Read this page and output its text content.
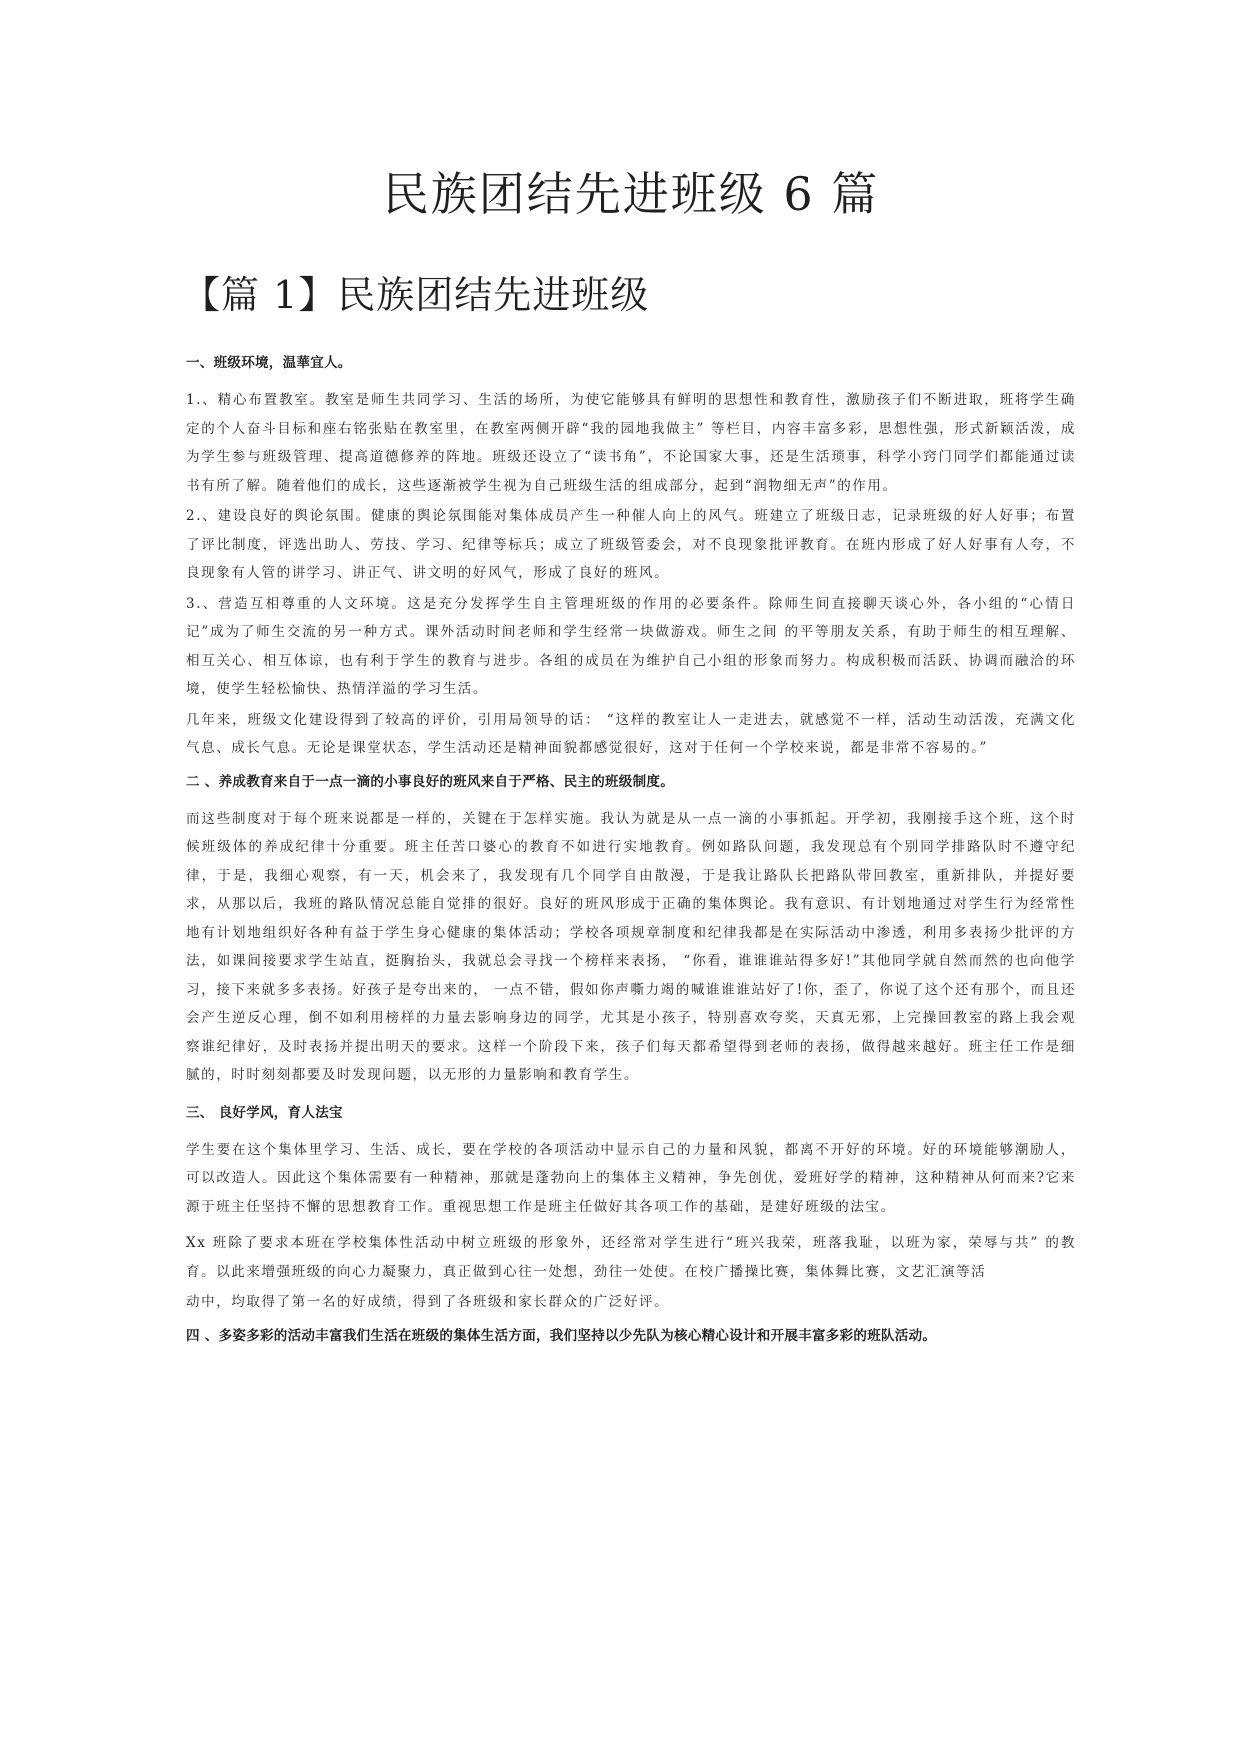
民族团结先进班级 6 篇
【篇 1】民族团结先进班级

一、班级环境，温華宜人。

1.、精心布置教室。教室是师生共同学习、生活的场所，为使它能够具有鲜明的思想性和教育性，激励孩子们不断进取，班将学生确定的个人奋斗目标和座右铭张贴在教室里，在教室两侧开辟“我的园地我做主” 等栏目，内容丰富多彩，思想性强，形式新颖活泼，成为学生参与班级管理、提高道德修养的阵地。班级还设立了“读书角”，不论国家大事，还是生活琐事，科学小窍门同学们都能通过读书有所了解。随着他们的成长，这些逐渐被学生视为自己班级生活的组成部分，起到“润物细无声”的作用。

2.、建设良好的舆论氛围。健康的舆论氛围能对集体成员产生一种催人向上的风气。班建立了班级日志，记录班级的好人好事；布置了评比制度，评选出助人、劳技、学习、纪律等标兵；成立了班级管委会，对不良现象批评教育。在班内形成了好人好事有人夸，不良现象有人管的讲学习、讲正气、讲文明的好风气，形成了良好的班风。

3.、营造互相尊重的人文环境。这是充分发挥学生自主管理班级的作用的必要条件。除师生间直接聊天谈心外，各小组的“心情日记”成为了师生交流的另一种方式。课外活动时间老师和学生经常一块做游戏。师生之间 的平等朋友关系，有助于师生的相互理解、相互关心、相互体谅，也有利于学生的教育与进步。各组的成员在为维护自己小组的形象而努力。构成积极而活跃、协调而融洽的环境，使学生轻松愉快、热情洋溢的学习生活。

几年来，班级文化建设得到了较高的评价，引用局领导的话： “这样的教室让人一走进去，就感觉不一样，活动生动活泼，充满文化气息、成长气息。无论是课堂状态，学生活动还是精神面貌都感觉很好，这对于任何一个学校来说，都是非常不容易的。”

二 、养成教育来自于一点一滴的小事良好的班风来自于严格、民主的班级制度。

而这些制度对于每个班来说都是一样的，关键在于怎样实施。我认为就是从一点一滴的小事抓起。开学初，我刚接手这个班，这个时候班级体的养成纪律十分重要。班主任苦口婆心的教育不如进行实地教育。例如路队问题，我发现总有个别同学排路队时不遵守纪律，于是，我细心观察，有一天，机会来了，我发现有几个同学自由散漫，于是我让路队长把路队带回教室，重新排队，并提好要求，从那以后，我班的路队情况总能自觉排的很好。良好的班风形成于正确的集体舆论。我有意识、有计划地通过对学生行为经常性地有计划地组织好各种有益于学生身心健康的集体活动；学校各项规章制度和纪律我都是在实际活动中渗透，利用多表扬少批评的方法，如课间接要求学生站直，挺胸抬头，我就总会寻找一个榜样来表扬， “你看，谁谁谁站得多好!”其他同学就自然而然的也向他学习，接下来就多多表扬。好孩子是夸出来的， 一点不错，假如你声嘶力竭的喊谁谁谁站好了!你，歪了，你说了这个还有那个，而且还会产生逆反心理，倒不如利用榜样的力量去影响身边的同学，尤其是小孩子，特别喜欢夸奖，天真无邪，上完操回教室的路上我会观察谁纪律好，及时表扬并提出明天的要求。这样一个阶段下来，孩子们每天都希望得到老师的表扬，做得越来越好。班主任工作是细腻的，时时刻刻都要及时发现问题，以无形的力量影响和教育学生。

三、 良好学风，育人法宝

学生要在这个集体里学习、生活、成长，要在学校的各项活动中显示自己的力量和风貌，都离不开好的环境。好的环境能够潮励人，可以改造人。因此这个集体需要有一种精神，那就是蓬勃向上的集体主义精神，争先创优，爱班好学的精神，这种精神从何而来?它来源于班主任坚持不懈的思想教育工作。重视思想工作是班主任做好其各项工作的基础，是建好班级的法宝。

Xx 班除了要求本班在学校集体性活动中树立班级的形象外，还经常对学生进行“班兴我荣，班落我耻，以班为家，荣辱与共” 的教育。以此来增强班级的向心力凝聚力，真正做到心往一处想，劲往一处使。在校广播操比赛，集体舞比赛，文艺汇演等活

动中，均取得了第一名的好成绩，得到了各班级和家长群众的广泛好评。

四 、多姿多彩的活动丰富我们生活在班级的集体生活方面，我们坚持以少先队为核心精心设计和开展丰富多彩的班队活动。
